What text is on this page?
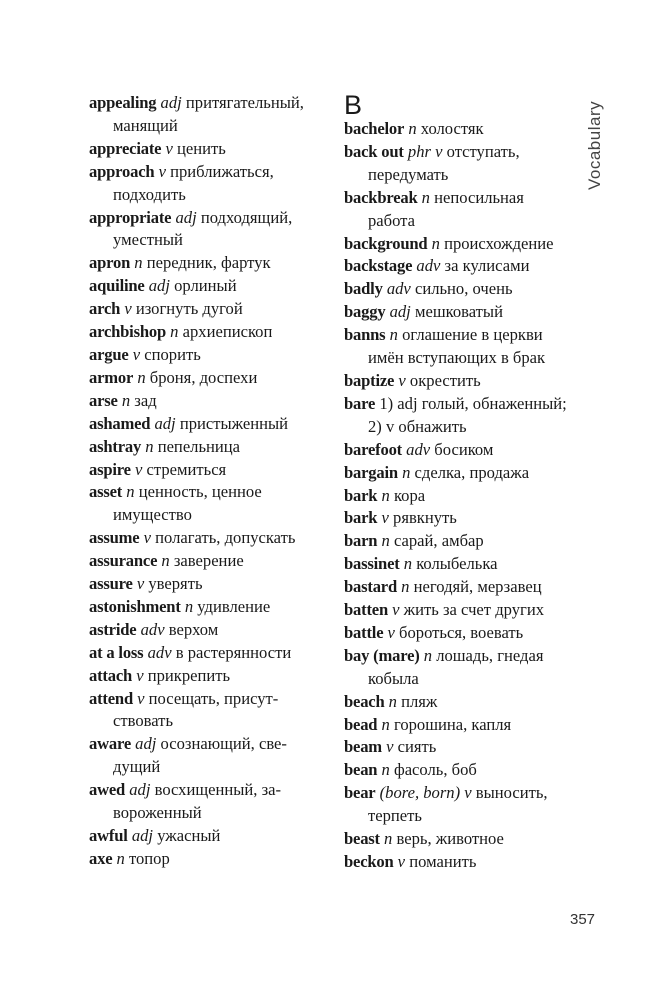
Vocabulary

appealing adj притягательный, манящий

appreciate v ценить

approach v приближаться, подходить

appropriate adj подходящий, уместный

apron n передник, фартук

aquiline adj орлиный

arch v изогнуть дугой

archbishop n архиепископ

argue v спорить

armor n броня, доспехи

arse n зад

ashamed adj пристыженный

ashtray n пепельница

aspire v стремиться

asset n ценность, ценное имущество

assume v полагать, допускать

assurance n заверение

assure v уверять

astonishment n удивление

astride adv верхом

at a loss adv в растерянности

attach v прикрепить

attend v посещать, присутствовать

aware adj осознающий, сведущий

awed adj восхищенный, завороженный

awful adj ужасный

axe n топор

B

bachelor n холостяк

back out phr v отступать, передумать

backbreak n непосильная работа

background n происхождение

backstage adv за кулисами

badly adv сильно, очень

baggy adj мешковатый

banns n оглашение в церкви имён вступающих в брак

baptize v окрестить

bare 1) adj голый, обнаженный; 2) v обнажить

barefoot adv босиком

bargain n сделка, продажа

bark n кора

bark v рявкнуть

barn n сарай, амбар

bassinet n колыбелька

bastard n негодяй, мерзавец

batten v жить за счет других

battle v бороться, воевать

bay (mare) n лошадь, гнедая кобыла

beach n пляж

bead n горошина, капля

beam v сиять

bean n фасоль, боб

bear (bore, born) v выносить, терпеть

beast n верь, животное

beckon v поманить

357
